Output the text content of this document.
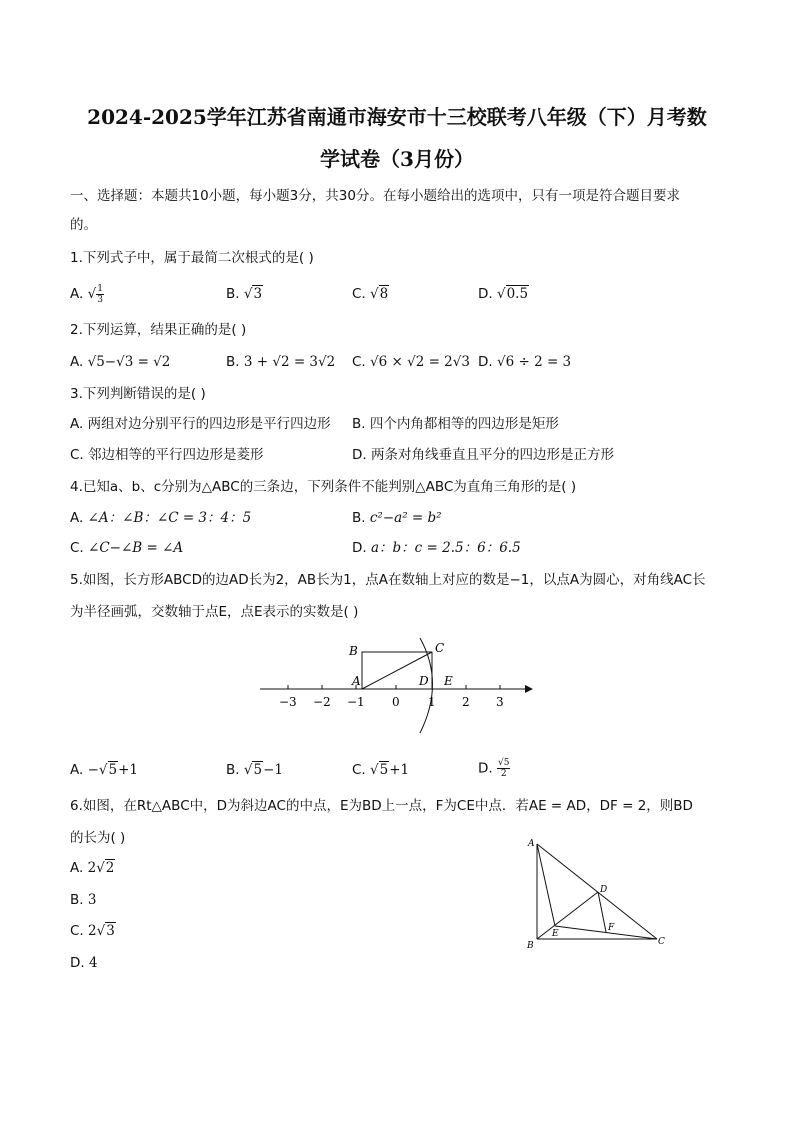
2024-2025学年江苏省南通市海安市十三校联考八年级（下）月考数
学试卷（3月份）
一、选择题：本题共10小题，每小题3分，共30分。在每小题给出的选项中，只有一项是符合题目要求
的。
1.下列式子中，属于最简二次根式的是( )
A. √ $\frac{1}{3}$	B. √3	C. √8	D. √0.5
2.下列运算，结果正确的是( )
A. √5−√3 = √2	B. 3 + √2 = 3√2 C. √6 × √2 = 2√3 D. √6 ÷ 2 = 3
3.下列判断错误的是( )
A. 两组对边分别平行的四边形是平行四边形 B. 四个内角都相等的四边形是矩形
C. 邻边相等的平行四边形是菱形	D. 两条对角线垂直且平分的四边形是正方形
4.已知a、b、c分别为△ABC的三条边，下列条件不能判别△ABC为直角三角形的是( )
A. ∠A：∠B：∠C = 3：4：5	B. c²−a² = b²
C. ∠C−∠B = ∠A	D. a：b：c = 2.5：6：6.5
5.如图，长方形ABCD的边AD长为2，AB长为1，点A在数轴上对应的数是−1，以点A为圆心，对角线AC长
为半径画弧，交数轴于点E，点E表示的实数是( )
B	C
A	D E
−3 −2 −1 0 1 2 3
A. −√5+1	B. √5−1	C. √5+1	D. $\frac{√5}{2}$
6.如图，在Rt△ABC中，D为斜边AC的中点，E为BD上一点，F为CE中点．若AE = AD，DF = 2，则BD
的长为( )
A. 2√2
B. 3
C. 2√3
D. 4
A
B	C
D
E
F
